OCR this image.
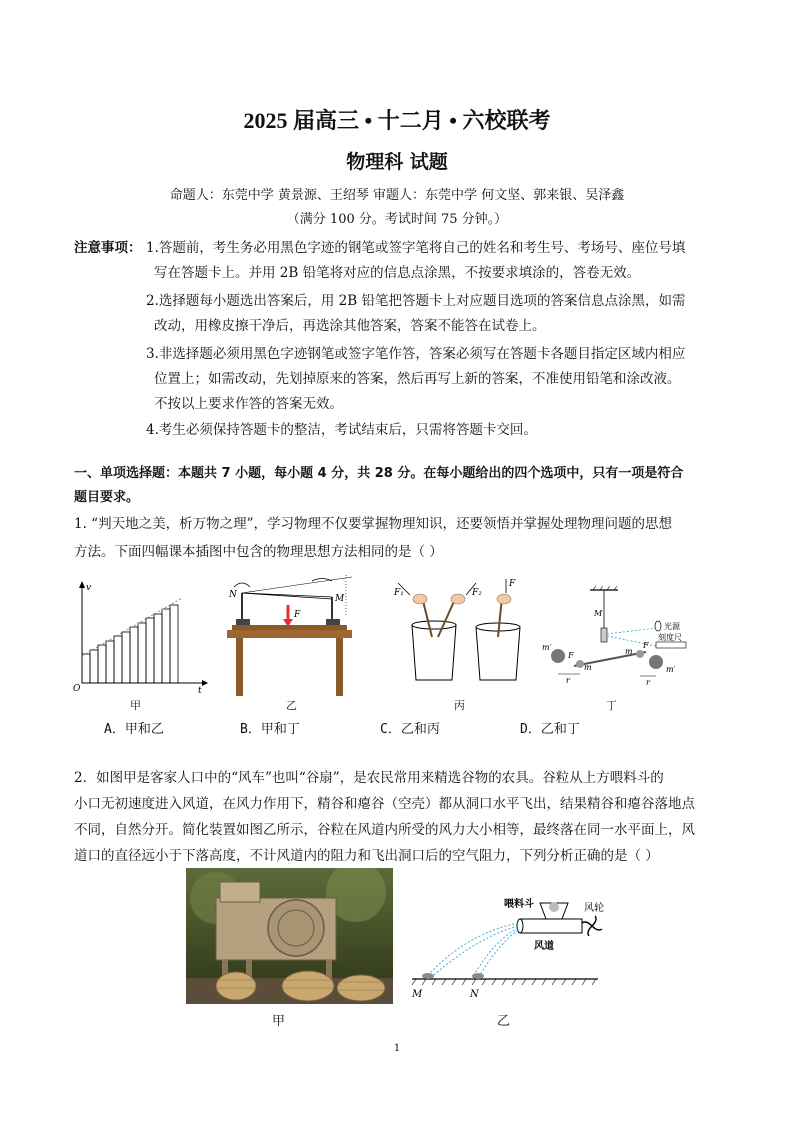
2025 届高三 • 十二月 • 六校联考
物理科 试题
命题人：东莞中学 黄景源、王绍琴 审题人：东莞中学 何文坚、郭来银、吴泽鑫
（满分 100 分。考试时间 75 分钟。）
注意事项： 1.答题前，考生务必用黑色字迹的钢笔或签字笔将自己的姓名和考生号、考场号、座位号填
写在答题卡上。并用 2B 铅笔将对应的信息点涂黑，不按要求填涂的，答卷无效。
2.选择题每小题选出答案后，用 2B 铅笔把答题卡上对应题目选项的答案信息点涂黑，如需
改动，用橡皮擦干净后，再选涂其他答案，答案不能答在试卷上。
3.非选择题必须用黑色字迹钢笔或签字笔作答，答案必须写在答题卡各题目指定区域内相应
位置上；如需改动，先划掉原来的答案，然后再写上新的答案，不准使用铅笔和涂改液。
不按以上要求作答的答案无效。
4.考生必须保持答题卡的整洁，考试结束后，只需将答题卡交回。
一、单项选择题：本题共 7 小题，每小题 4 分，共 28 分。在每小题给出的四个选项中，只有一项是符合
题目要求。
1. “判天地之美，析万物之理”，学习物理不仅要掌握物理知识，还要领悟并掌握处理物理问题的思想
方法。下面四幅课本插图中包含的物理思想方法相同的是（ ）
v
t
O
N	M
F
F₁	F₂
F
m′
F
m
m
F
m′
M
光源
刻度尺
r	r
甲	乙	丙	丁
A．甲和乙	B．甲和丁	C．乙和丙	D．乙和丁
2．如图甲是客家人口中的“风车”也叫“谷扇”，是农民常用来精选谷物的农具。谷粒从上方喂料斗的
小口无初速度进入风道，在风力作用下，精谷和瘪谷（空壳）都从洞口水平飞出，结果精谷和瘪谷落地点
不同，自然分开。简化装置如图乙所示，谷粒在风道内所受的风力大小相等，最终落在同一水平面上，风
道口的直径远小于下落高度，不计风道内的阻力和飞出洞口后的空气阻力，下列分析正确的是（ ）
喂料斗	风轮
风道
M	N
甲	乙
1
